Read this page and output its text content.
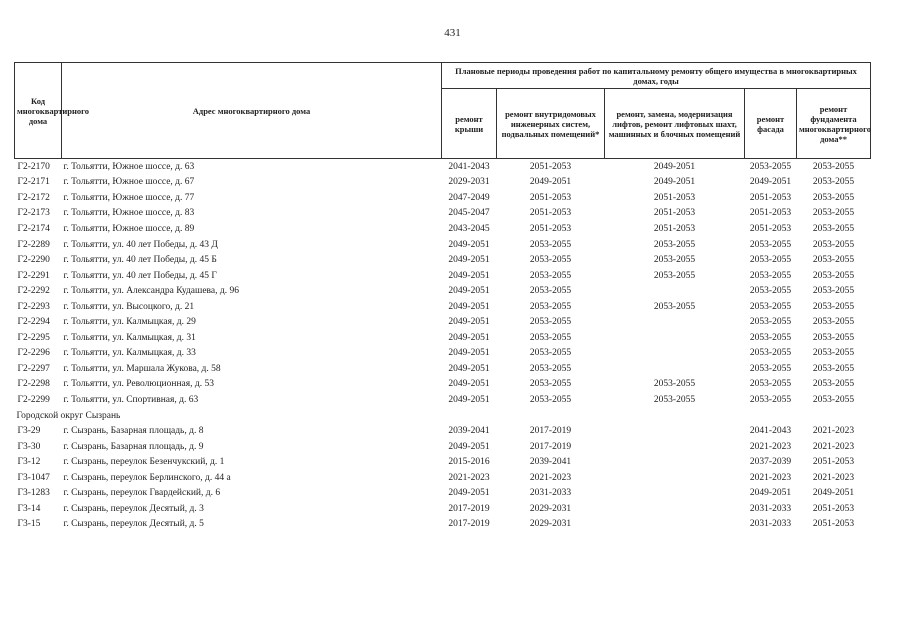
431
Код многоквартирного дома	Адрес многоквартирного дома	Плановые периоды проведения работ по капитальному ремонту общего имущества в многоквартирных домах, годы				
		ремонт крыши	ремонт внутридомовых инженерных систем, подвальных помещений*	ремонт, замена, модернизация лифтов, ремонт лифтовых шахт, машинных и блочных помещений	ремонт фасада	ремонт фундамента многоквартирного дома**
Г2-2170	г. Тольятти, Южное шоссе, д. 63	2041-2043	2051-2053	2049-2051	2053-2055	2053-2055
Г2-2171	г. Тольятти, Южное шоссе, д. 67	2029-2031	2049-2051	2049-2051	2049-2051	2053-2055
Г2-2172	г. Тольятти, Южное шоссе, д. 77	2047-2049	2051-2053	2051-2053	2051-2053	2053-2055
Г2-2173	г. Тольятти, Южное шоссе, д. 83	2045-2047	2051-2053	2051-2053	2051-2053	2053-2055
Г2-2174	г. Тольятти, Южное шоссе, д. 89	2043-2045	2051-2053	2051-2053	2051-2053	2053-2055
Г2-2289	г. Тольятти, ул. 40 лет Победы, д. 43 Д	2049-2051	2053-2055	2053-2055	2053-2055	2053-2055
Г2-2290	г. Тольятти, ул. 40 лет Победы, д. 45 Б	2049-2051	2053-2055	2053-2055	2053-2055	2053-2055
Г2-2291	г. Тольятти, ул. 40 лет Победы, д. 45 Г	2049-2051	2053-2055	2053-2055	2053-2055	2053-2055
Г2-2292	г. Тольятти, ул. Александра Кудашева, д. 96	2049-2051	2053-2055		2053-2055	2053-2055
Г2-2293	г. Тольятти, ул. Высоцкого, д. 21	2049-2051	2053-2055	2053-2055	2053-2055	2053-2055
Г2-2294	г. Тольятти, ул. Калмыцкая, д. 29	2049-2051	2053-2055		2053-2055	2053-2055
Г2-2295	г. Тольятти, ул. Калмыцкая, д. 31	2049-2051	2053-2055		2053-2055	2053-2055
Г2-2296	г. Тольятти, ул. Калмыцкая, д. 33	2049-2051	2053-2055		2053-2055	2053-2055
Г2-2297	г. Тольятти, ул. Маршала Жукова, д. 58	2049-2051	2053-2055		2053-2055	2053-2055
Г2-2298	г. Тольятти, ул. Революционная, д. 53	2049-2051	2053-2055	2053-2055	2053-2055	2053-2055
Г2-2299	г. Тольятти, ул. Спортивная, д. 63	2049-2051	2053-2055	2053-2055	2053-2055	2053-2055
Городской округ Сызрань						
Г3-29	г. Сызрань, Базарная площадь, д. 8	2039-2041	2017-2019		2041-2043	2021-2023
Г3-30	г. Сызрань, Базарная площадь, д. 9	2049-2051	2017-2019		2021-2023	2021-2023
Г3-12	г. Сызрань, переулок Безенчукский, д. 1	2015-2016	2039-2041		2037-2039	2051-2053
Г3-1047	г. Сызрань, переулок Берлинского, д. 44 а	2021-2023	2021-2023		2021-2023	2021-2023
Г3-1283	г. Сызрань, переулок Гвардейский, д. 6	2049-2051	2031-2033		2049-2051	2049-2051
Г3-14	г. Сызрань, переулок Десятый, д. 3	2017-2019	2029-2031		2031-2033	2051-2053
Г3-15	г. Сызрань, переулок Десятый, д. 5	2017-2019	2029-2031		2031-2033	2051-2053
